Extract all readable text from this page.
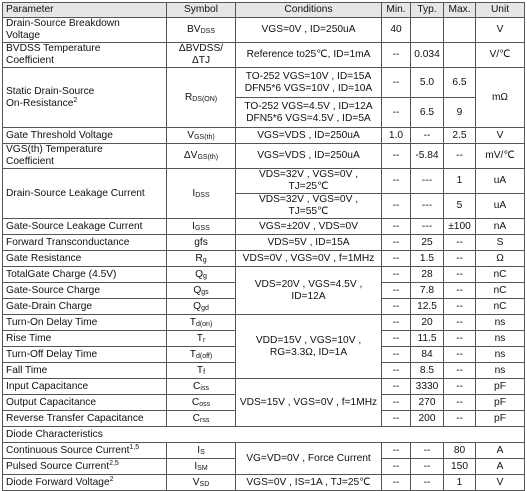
Parameter	Symbol	Conditions	Min.	Typ.	Max.	Unit
Drain-Source Breakdown
Voltage	$BV_{DSS}$	VGS=0V , ID=250uA	40			V
BVDSS Temperature
Coefficient	ΔBVDSS/ΔTJ	Reference to25℃, ID=1mA	--	0.034		V/℃
Static Drain-Source
On-Resistance$^2$	$R_{DS(ON)}$	TO-252 VGS=10V , ID=15A
DFN5*6 VGS=10V , ID=10A	--	5.0	6.5	mΩ
		TO-252 VGS=4.5V , ID=12A
DFN5*6 VGS=4.5V , ID=5A	--	6.5	9	
Gate Threshold Voltage	$V_{GS(th)}$	VGS=VDS , ID=250uA	1.0	--	2.5	V
VGS(th) Temperature
Coefficient	$\Delta V_{GS(th)}$	VGS=VDS , ID=250uA	--	-5.84	--	mV/℃
Drain-Source Leakage Current	$I_{DSS}$	VDS=32V , VGS=0V , TJ=25℃	--	---	1	uA
		VDS=32V , VGS=0V , TJ=55℃	--	---	5	uA
Gate-Source Leakage Current	$I_{GSS}$	VGS=±20V , VDS=0V	--	---	±100	nA
Forward Transconductance	gfs	VDS=5V , ID=15A	--	25	--	S
Gate Resistance	$R_g$	VDS=0V , VGS=0V , f=1MHz	--	1.5	--	Ω
TotalGate Charge (4.5V)	$Q_g$	VDS=20V , VGS=4.5V ,
ID=12A	--	28	--	nC
Gate-Source Charge	$Q_{gs}$		--	7.8	--	nC
Gate-Drain Charge	$Q_{gd}$		--	12.5	--	nC
Turn-On Delay Time	$T_{d(on)}$	VDD=15V , VGS=10V ,
RG=3.3Ω, ID=1A	--	20	--	ns
Rise Time	$T_r$		--	11.5	--	ns
Turn-Off Delay Time	$T_{d(off)}$		--	84	--	ns
Fall Time	$T_f$		--	8.5	--	ns
Input Capacitance	$C_{iss}$	VDS=15V , VGS=0V , f=1MHz	--	3330	--	pF
Output Capacitance	$C_{oss}$		--	270	--	pF
Reverse Transfer Capacitance	$C_{rss}$		--	200	--	pF
Diode Characteristics						
Continuous Source Current$^{1,5}$	$I_S$	VG=VD=0V , Force Current	--	--	80	A
Pulsed Source Current$^{2,5}$	$I_{SM}$		--	--	150	A
Diode Forward Voltage$^2$	$V_{SD}$	VGS=0V , IS=1A , TJ=25℃	--	--	1	V
